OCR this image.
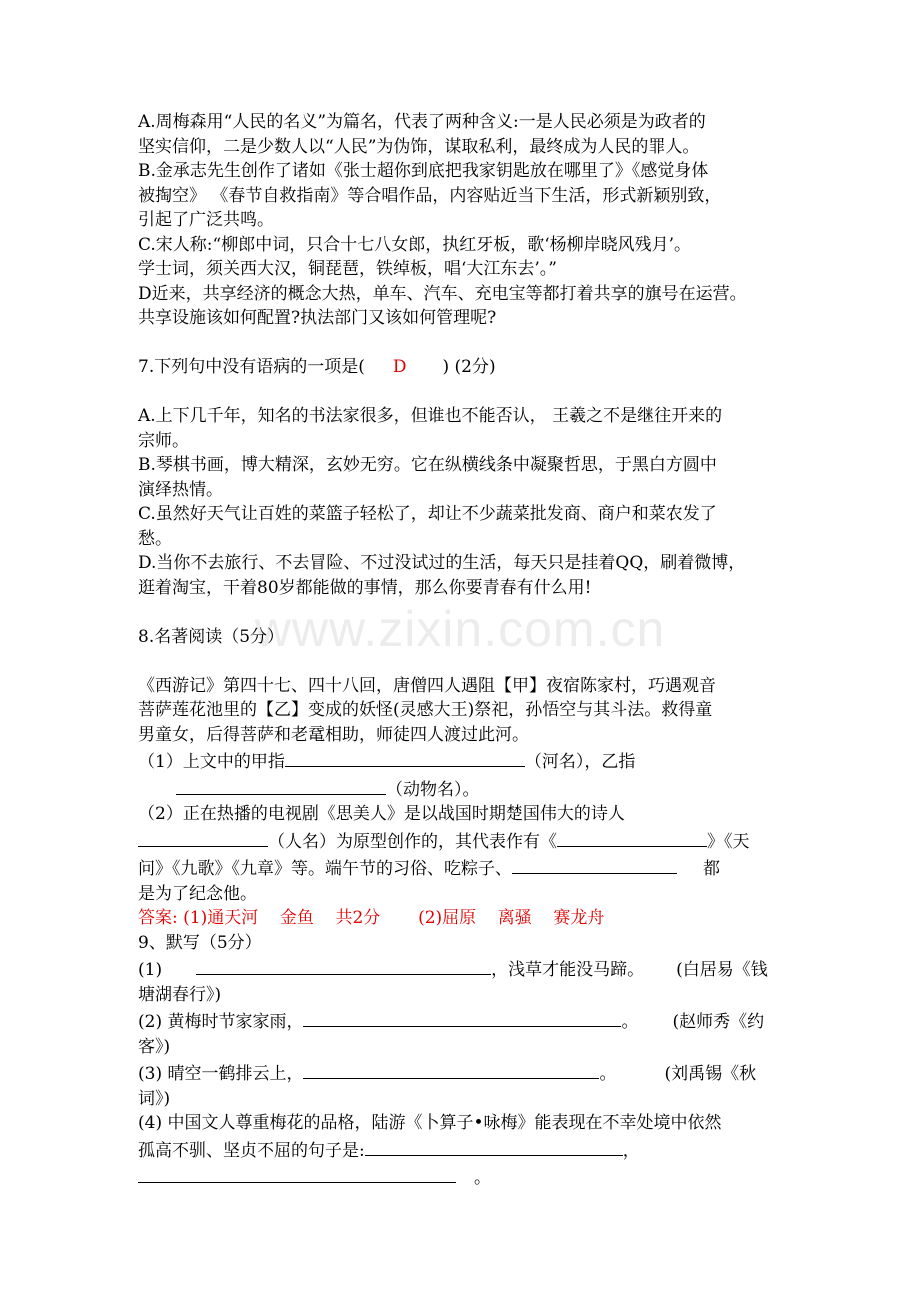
www.zixin.com.cn
A.周梅森用“人民的名义”为篇名，代表了两种含义:一是人民必须是为政者的
坚实信仰，二是少数人以“人民”为伪饰，谋取私利，最终成为人民的罪人。
B.金承志先生创作了诸如《张士超你到底把我家钥匙放在哪里了》《感觉身体
被掏空》 《春节自救指南》等合唱作品，内容贴近当下生活，形式新颖别致，
引起了广泛共鸣。
C.宋人称:“柳郎中词，只合十七八女郎，执红牙板，歌‘杨柳岸晓风残月’。
学士词，须关西大汉，铜琵琶，铁绰板，唱‘大江东去’。”
D近来，共享经济的概念大热，单车、汽车、充电宝等都打着共享的旗号在运营。
共享设施该如何配置?执法部门又该如何管理呢?
7.下列句中没有语病的一项是( D ) (2分)
A.上下几千年，知名的书法家很多，但谁也不能否认， 王羲之不是继往开来的
宗师。
B.琴棋书画，博大精深，玄妙无穷。它在纵横线条中凝聚哲思，于黑白方圆中
演绎热情。
C.虽然好天气让百姓的菜篮子轻松了，却让不少蔬菜批发商、商户和菜农发了
愁。
D.当你不去旅行、不去冒险、不过没试过的生活，每天只是挂着QQ，刷着微博，
逛着淘宝，干着80岁都能做的事情，那么你要青春有什么用!
8.名著阅读（5分）
《西游记》第四十七、四十八回，唐僧四人遇阻【甲】夜宿陈家村，巧遇观音
菩萨莲花池里的【乙】变成的妖怪(灵感大王)祭祀，孙悟空与其斗法。救得童
男童女，后得菩萨和老鼋相助，师徒四人渡过此河。
（1）上文中的甲指	（河名），乙指
（动物名）。
（2）正在热播的电视剧《思美人》是以战国时期楚国伟大的诗人
（人名）为原型创作的，其代表作有《	》《天
问》《九歌》《九章》等。端午节的习俗、吃粽子、	都
是为了纪念他。
答案: (1)通天河    金鱼    共2分       (2)屈原    离骚    赛龙舟
9、默写（5分）
(1)	，浅草才能没马蹄。 (白居易《钱
塘湖春行》)
(2) 黄梅时节家家雨，	。 (赵师秀《约
客》)
(3) 晴空一鹤排云上，	。	(刘禹锡《秋
词》)
(4) 中国文人尊重梅花的品格，陆游《卜算子•咏梅》能表现在不幸处境中依然
孤高不驯、坚贞不屈的句子是:	，
。
